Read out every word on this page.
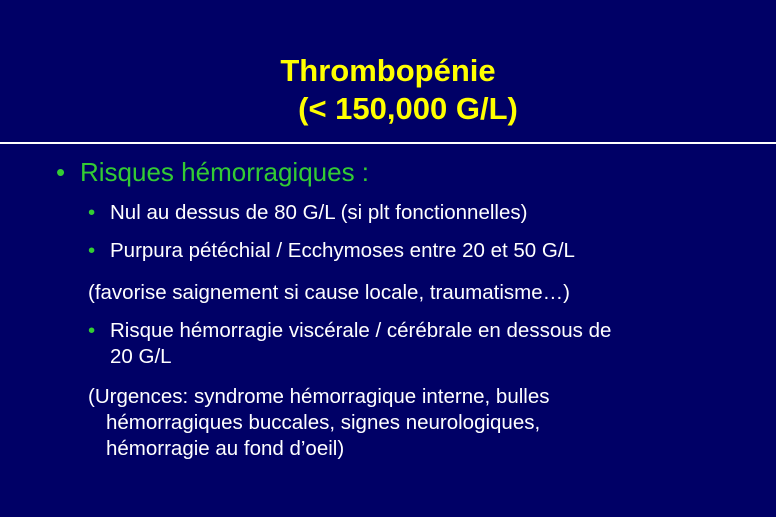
Thrombopénie
(< 150,000 G/L)
• Risques hémorragiques :
• Nul au dessus de 80 G/L (si plt fonctionnelles)
• Purpura pétéchial / Ecchymoses entre 20 et 50 G/L
(favorise saignement si cause locale, traumatisme…)
• Risque hémorragie viscérale / cérébrale en dessous de
20 G/L
(Urgences: syndrome hémorragique interne, bulles
hémorragiques buccales, signes neurologiques,
hémorragie au fond d’oeil)
